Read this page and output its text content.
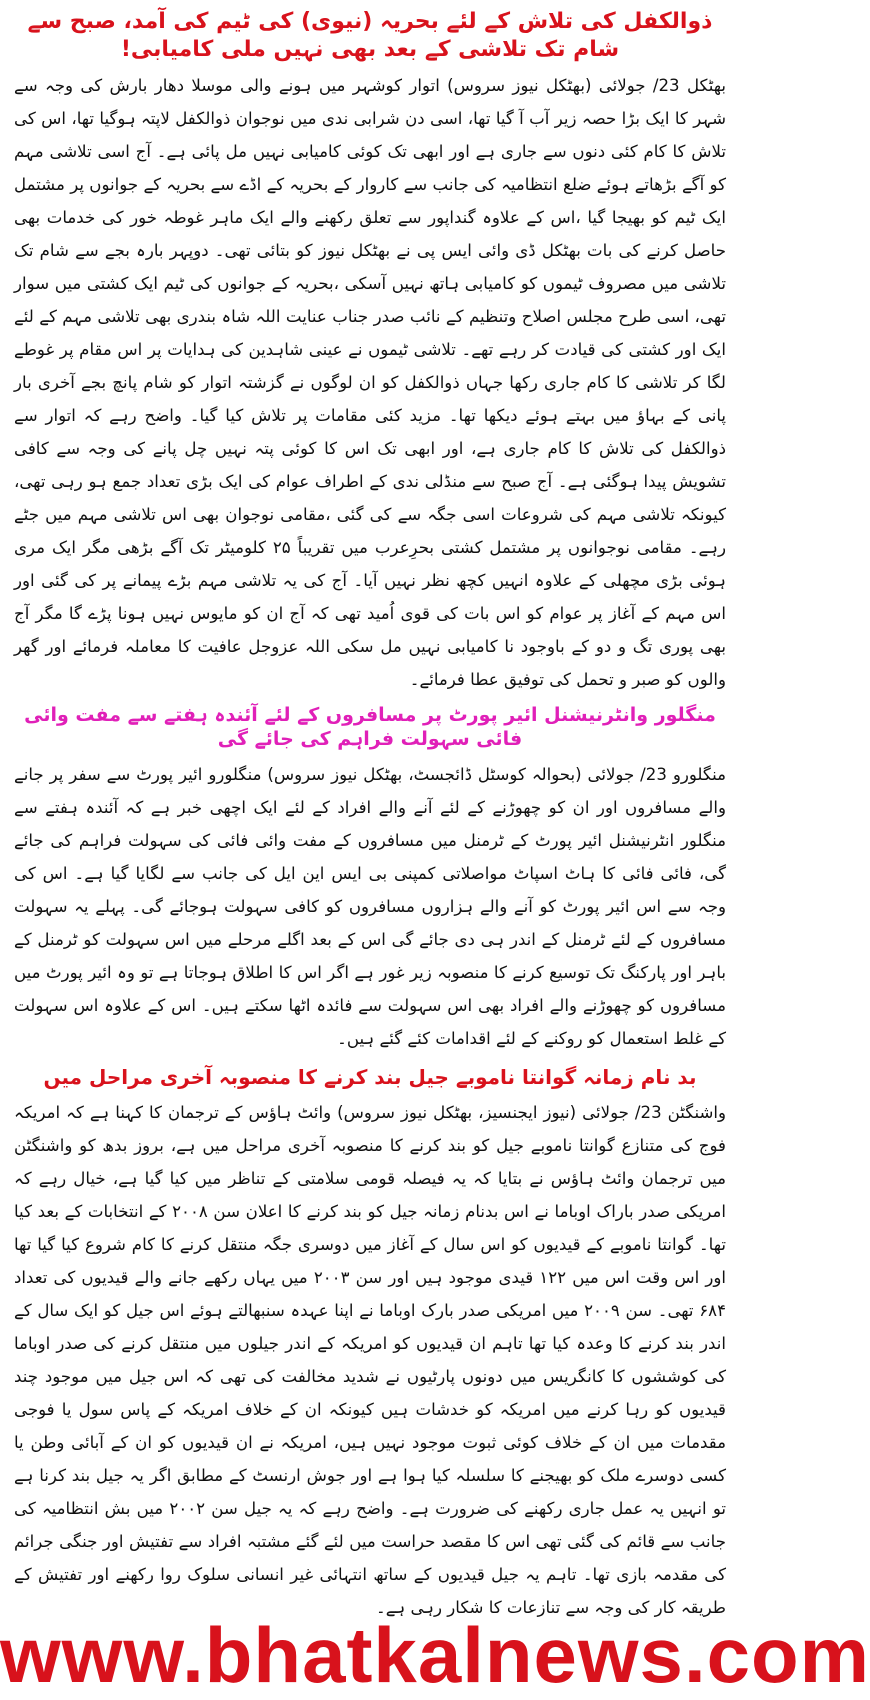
ذوالکفل کی تلاش کے لئے بحریہ (نیوی) کی ٹیم کی آمد، صبح سے شام تک تلاشی کے بعد بھی نہیں ملی کامیابی!

بھٹکل 23/ جولائی (بھٹکل نیوز سروس) اتوار کوشہر میں ہونے والی موسلا دھار بارش کی وجہ سے شہر کا ایک بڑا حصہ زیر آب آ گیا تھا، اسی دن شرابی ندی میں نوجوان ذوالکفل لاپتہ ہوگیا تھا، اس کی تلاش کا کام کئی دنوں سے جاری ہے اور ابھی تک کوئی کامیابی نہیں مل پائی ہے۔ آج اسی تلاشی مہم کو آگے بڑھاتے ہوئے ضلع انتظامیہ کی جانب سے کاروار کے بحریہ کے اڈے سے بحریہ کے جوانوں پر مشتمل ایک ٹیم کو بھیجا گیا ،اس کے علاوہ گنداپور سے تعلق رکھنے والے ایک ماہر غوطہ خور کی خدمات بھی حاصل کرنے کی بات بھٹکل ڈی وائی ایس پی نے بھٹکل نیوز کو بتائی تھی۔ دوپہر بارہ بجے سے شام تک تلاشی میں مصروف ٹیموں کو کامیابی ہاتھ نہیں آسکی ،بحریہ کے جوانوں کی ٹیم ایک کشتی میں سوار تھی، اسی طرح مجلس اصلاح وتنظیم کے نائب صدر جناب عنایت اللہ شاہ بندری بھی تلاشی مہم کے لئے ایک اور کشتی کی قیادت کر رہے تھے۔ تلاشی ٹیموں نے عینی شاہدین کی ہدایات پر اس مقام پر غوطے لگا کر تلاشی کا کام جاری رکھا جہاں ذوالکفل کو ان لوگوں نے گزشتہ اتوار کو شام پانچ بجے آخری بار پانی کے بہاؤ میں بہتے ہوئے دیکھا تھا۔ مزید کئی مقامات پر تلاش کیا گیا۔ واضح رہے کہ اتوار سے ذوالکفل کی تلاش کا کام جاری ہے، اور ابھی تک اس کا کوئی پتہ نہیں چل پانے کی وجہ سے کافی تشویش پیدا ہوگئی ہے۔ آج صبح سے منڈلی ندی کے اطراف عوام کی ایک بڑی تعداد جمع ہو رہی تھی، کیونکہ تلاشی مہم کی شروعات اسی جگہ سے کی گئی ،مقامی نوجوان بھی اس تلاشی مہم میں جٹے رہے۔ مقامی نوجوانوں پر مشتمل کشتی بحرِعرب میں تقریباً ۲۵ کلومیٹر تک آگے بڑھی مگر ایک مری ہوئی بڑی مچھلی کے علاوہ انہیں کچھ نظر نہیں آیا۔ آج کی یہ تلاشی مہم بڑے پیمانے پر کی گئی اور اس مہم کے آغاز پر عوام کو اس بات کی قوی اُمید تھی کہ آج ان کو مایوس نہیں ہونا پڑے گا مگر آج بھی پوری تگ و دو کے باوجود نا کامیابی نہیں مل سکی اللہ عزوجل عافیت کا معاملہ فرمائے اور گھر والوں کو صبر و تحمل کی توفیق عطا فرمائے۔

منگلور وانٹرنیشنل ائیر پورٹ پر مسافروں کے لئے آئندہ ہفتے سے مفت وائی فائی سہولت فراہم کی جائے گی

منگلورو 23/ جولائی (بحوالہ کوسٹل ڈائجسٹ، بھٹکل نیوز سروس) منگلورو ائیر پورٹ سے سفر پر جانے والے مسافروں اور ان کو چھوڑنے کے لئے آنے والے افراد کے لئے ایک اچھی خبر ہے کہ آئندہ ہفتے سے منگلور انٹرنیشنل ائیر پورٹ کے ٹرمنل میں مسافروں کے مفت وائی فائی کی سہولت فراہم کی جائے گی، فائی فائی کا ہاٹ اسپاٹ مواصلاتی کمپنی بی ایس این ایل کی جانب سے لگایا گیا ہے۔ اس کی وجہ سے اس ائیر پورٹ کو آنے والے ہزاروں مسافروں کو کافی سہولت ہوجائے گی۔ پہلے یہ سہولت مسافروں کے لئے ٹرمنل کے اندر ہی دی جائے گی اس کے بعد اگلے مرحلے میں اس سہولت کو ٹرمنل کے باہر اور پارکنگ تک توسیع کرنے کا منصوبہ زیر غور ہے اگر اس کا اطلاق ہوجاتا ہے تو وہ ائیر پورٹ میں مسافروں کو چھوڑنے والے افراد بھی اس سہولت سے فائدہ اٹھا سکتے ہیں۔ اس کے علاوہ اس سہولت کے غلط استعمال کو روکنے کے لئے اقدامات کئے گئے ہیں۔

بد نام زمانہ گوانتا ناموبے جیل بند کرنے کا منصوبہ آخری مراحل میں

واشنگٹن 23/ جولائی (نیوز ایجنسیز، بھٹکل نیوز سروس) وائٹ ہاؤس کے ترجمان کا کہنا ہے کہ امریکہ فوج کی متنازع گوانتا ناموبے جیل کو بند کرنے کا منصوبہ آخری مراحل میں ہے، بروز بدھ کو واشنگٹن میں ترجمان وائٹ ہاؤس نے بتایا کہ یہ فیصلہ قومی سلامتی کے تناظر میں کیا گیا ہے، خیال رہے کہ امریکی صدر باراک اوباما نے اس بدنام زمانہ جیل کو بند کرنے کا اعلان سن ۲۰۰۸ کے انتخابات کے بعد کیا تھا۔ گوانتا ناموبے کے قیدیوں کو اس سال کے آغاز میں دوسری جگہ منتقل کرنے کا کام شروع کیا گیا تھا اور اس وقت اس میں ۱۲۲ قیدی موجود ہیں اور سن ۲۰۰۳ میں یہاں رکھے جانے والے قیدیوں کی تعداد ۶۸۴ تھی۔ سن ۲۰۰۹ میں امریکی صدر بارک اوباما نے اپنا عہدہ سنبھالتے ہوئے اس جیل کو ایک سال کے اندر بند کرنے کا وعدہ کیا تھا تاہم ان قیدیوں کو امریکہ کے اندر جیلوں میں منتقل کرنے کی صدر اوباما کی کوششوں کا کانگریس میں دونوں پارٹیوں نے شدید مخالفت کی تھی کہ اس جیل میں موجود چند قیدیوں کو رہا کرنے میں امریکہ کو خدشات ہیں کیونکہ ان کے خلاف امریکہ کے پاس سول یا فوجی مقدمات میں ان کے خلاف کوئی ثبوت موجود نہیں ہیں، امریکہ نے ان قیدیوں کو ان کے آبائی وطن یا کسی دوسرے ملک کو بھیجنے کا سلسلہ کیا ہوا ہے اور جوش ارنسٹ کے مطابق اگر یہ جیل بند کرنا ہے تو انہیں یہ عمل جاری رکھنے کی ضرورت ہے۔ واضح رہے کہ یہ جیل سن ۲۰۰۲ میں بش انتظامیہ کی جانب سے قائم کی گئی تھی اس کا مقصد حراست میں لئے گئے مشتبہ افراد سے تفتیش اور جنگی جرائم کی مقدمہ بازی تھا۔ تاہم یہ جیل قیدیوں کے ساتھ انتہائی غیر انسانی سلوک روا رکھنے اور تفتیش کے طریقہ کار کی وجہ سے تنازعات کا شکار رہی ہے۔

www.bhatkalnews.com
